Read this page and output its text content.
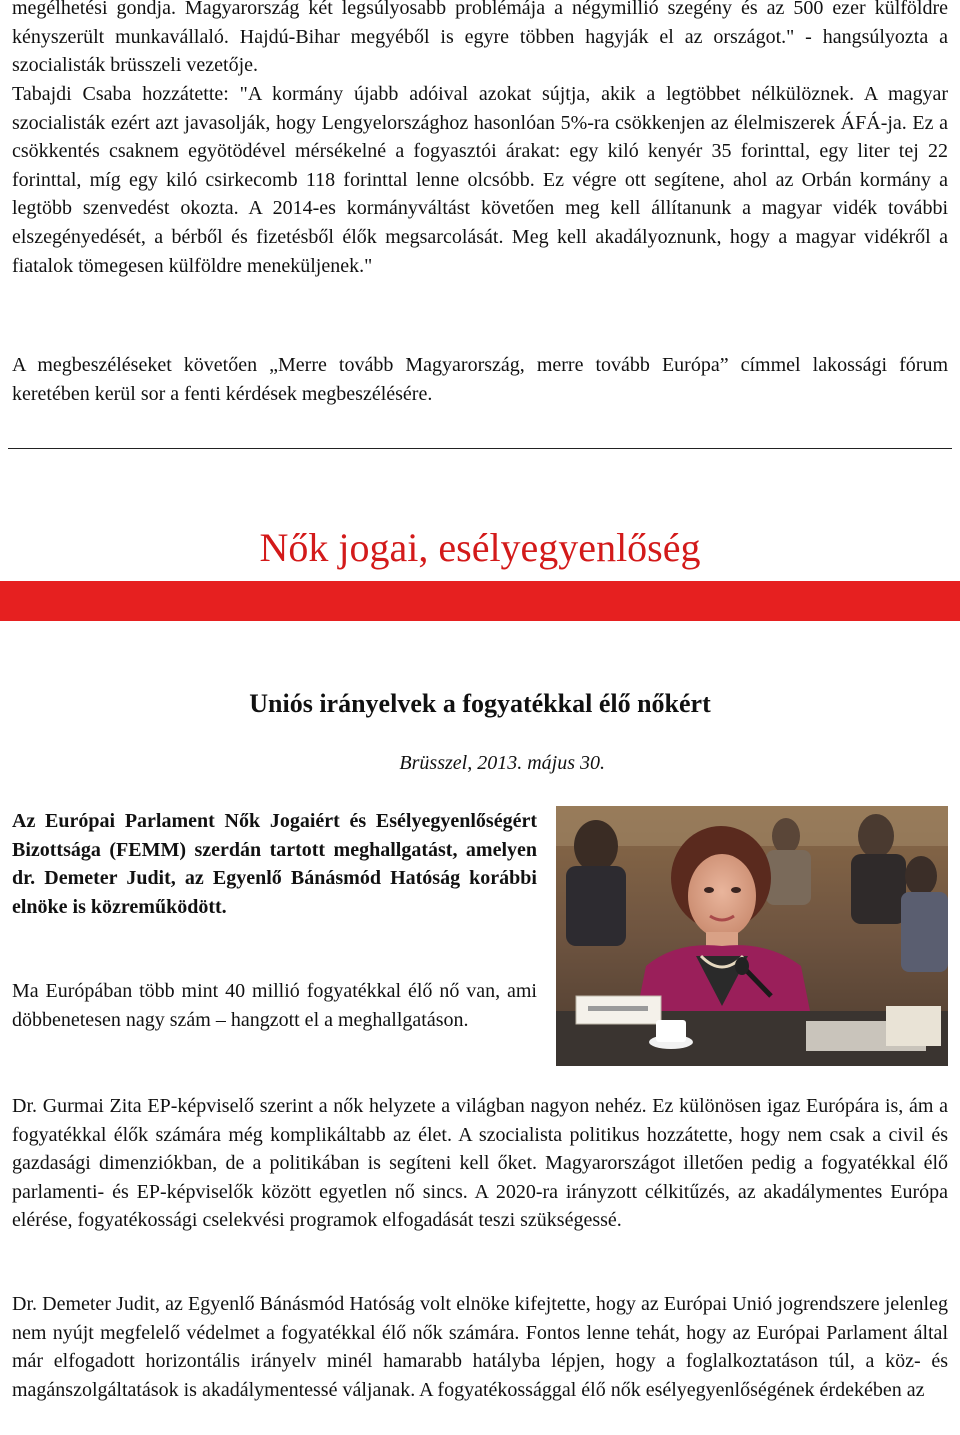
megélhetési gondja. Magyarország két legsúlyosabb problémája a négymillió szegény és az 500 ezer külföldre kényszerült munkavállaló. Hajdú-Bihar megyéből is egyre többen hagyják el az országot." - hangsúlyozta a szocialisták brüsszeli vezetője.

Tabajdi Csaba hozzátette: "A kormány újabb adóival azokat sújtja, akik a legtöbbet nélkülöznek. A magyar szocialisták ezért azt javasolják, hogy Lengyelországhoz hasonlóan 5%-ra csökkenjen az élelmiszerek ÁFÁ-ja. Ez a csökkentés csaknem egyötödével mérsékelné a fogyasztói árakat: egy kiló kenyér 35 forinttal, egy liter tej 22 forinttal, míg egy kiló csirkecomb 118 forinttal lenne olcsóbb. Ez végre ott segítene, ahol az Orbán kormány a legtöbb szenvedést okozta. A 2014-es kormányváltást követően meg kell állítanunk a magyar vidék további elszegényedését, a bérből és fizetésből élők megsarcolását. Meg kell akadályoznunk, hogy a magyar vidékről a fiatalok tömegesen külföldre meneküljenek."

A megbeszéléseket követően „Merre tovább Magyarország, merre tovább Európa” címmel lakossági fórum keretében kerül sor a fenti kérdések megbeszélésére.

Nők jogai, esélyegyenlőség
Uniós irányelvek a fogyatékkal élő nőkért
Brüsszel, 2013. május 30.

Az Európai Parlament Nők Jogaiért és Esélyegyenlőségért Bizottsága (FEMM) szerdán tartott meghallgatást, amelyen dr. Demeter Judit, az Egyenlő Bánásmód Hatóság korábbi elnöke is közreműködött.

Ma Európában több mint 40 millió fogyatékkal élő nő van, ami döbbenetesen nagy szám – hangzott el a meghallgatáson.

Dr. Gurmai Zita EP-képviselő szerint a nők helyzete a világban nagyon nehéz. Ez különösen igaz Európára is, ám a fogyatékkal élők számára még komplikáltabb az élet. A szocialista politikus hozzátette, hogy nem csak a civil és gazdasági dimenziókban, de a politikában is segíteni kell őket. Magyarországot illetően pedig a fogyatékkal élő parlamenti- és EP-képviselők között egyetlen nő sincs. A 2020-ra irányzott célkitűzés, az akadálymentes Európa elérése, fogyatékossági cselekvési programok elfogadását teszi szükségessé.

Dr. Demeter Judit, az Egyenlő Bánásmód Hatóság volt elnöke kifejtette, hogy az Európai Unió jogrendszere jelenleg nem nyújt megfelelő védelmet a fogyatékkal élő nők számára. Fontos lenne tehát, hogy az Európai Parlament által már elfogadott horizontális irányelv minél hamarabb hatályba lépjen, hogy a foglalkoztatáson túl, a köz- és magánszolgáltatások is akadálymentessé váljanak. A fogyatékossággal élő nők esélyegyenlőségének érdekében az
